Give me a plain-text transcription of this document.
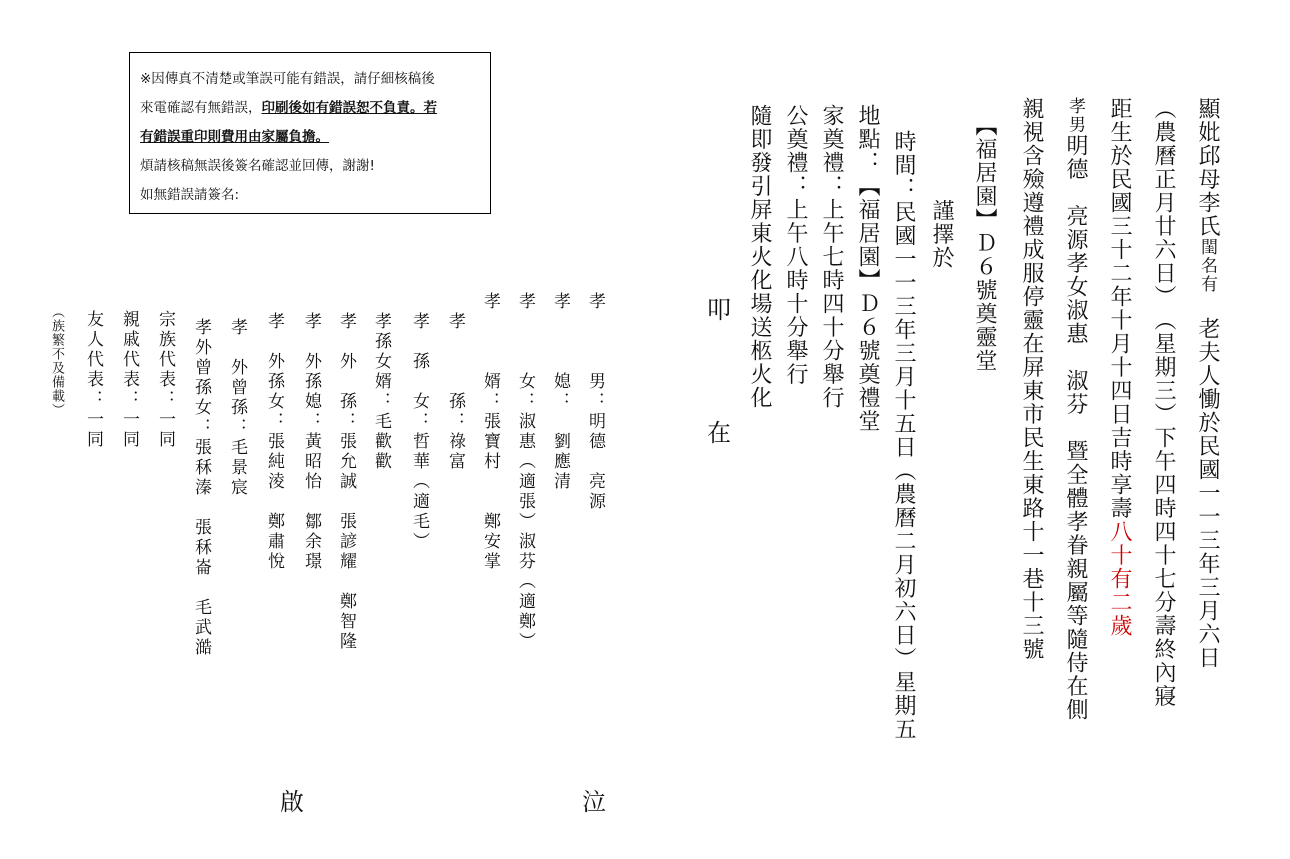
※因傳真不清楚或筆誤可能有錯誤，請仔細核稿後
來電確認有無錯誤，印刷後如有錯誤恕不負責。若
有錯誤重印則費用由家屬負擔。
煩請核稿無誤後簽名確認並回傳，謝謝!
如無錯誤請簽名:	顯妣邱母李氏閨名有　老夫人慟於民國一一三年三月六日
︵農曆正月廿六日︶︵星期三︶下午四時四十七分壽終內寢
距生於民國三十二年十月十四日吉時享壽八十有二歲
孝男明德　亮源孝女淑惠　淑芬　暨全體孝眷親屬等隨侍在側
親視含殮遵禮成服停靈在屏東市民生東路十一巷十三號
【福居園】Ｄ６號奠靈堂
　　謹擇於
時間：民國一一三年三月十五日︵農曆二月初六日︶星期五
地點：【福居園】Ｄ６號奠禮堂
家奠禮：上午七時四十分舉行
公奠禮：上午八時十分舉行
隨即發引屏東火化場送柩火化
叩
在
孝　　　男：明德　亮源
孝　　　媳：　劉應清
孝　　　女：淑惠︵適張︶淑芬︵適鄭︶
孝　　　婿：張寶村　　鄭安掌
孝　　　孫：祿富
孝　孫　女：哲華︵適毛︶
孝孫女婿：毛歡歡
孝　外　孫：張允誠　張諺耀　鄭智隆
孝　外孫媳：黃昭怡　鄒余璟
孝　外孫女：張純淩　鄭肅悅
孝　外曾孫：毛景宸
孝外曾孫女：張秝溱　張秝崙　毛武澔
宗族代表：一同
親戚代表：一同
友人代表：一同
︵族繁不及備載︶
泣
啟
